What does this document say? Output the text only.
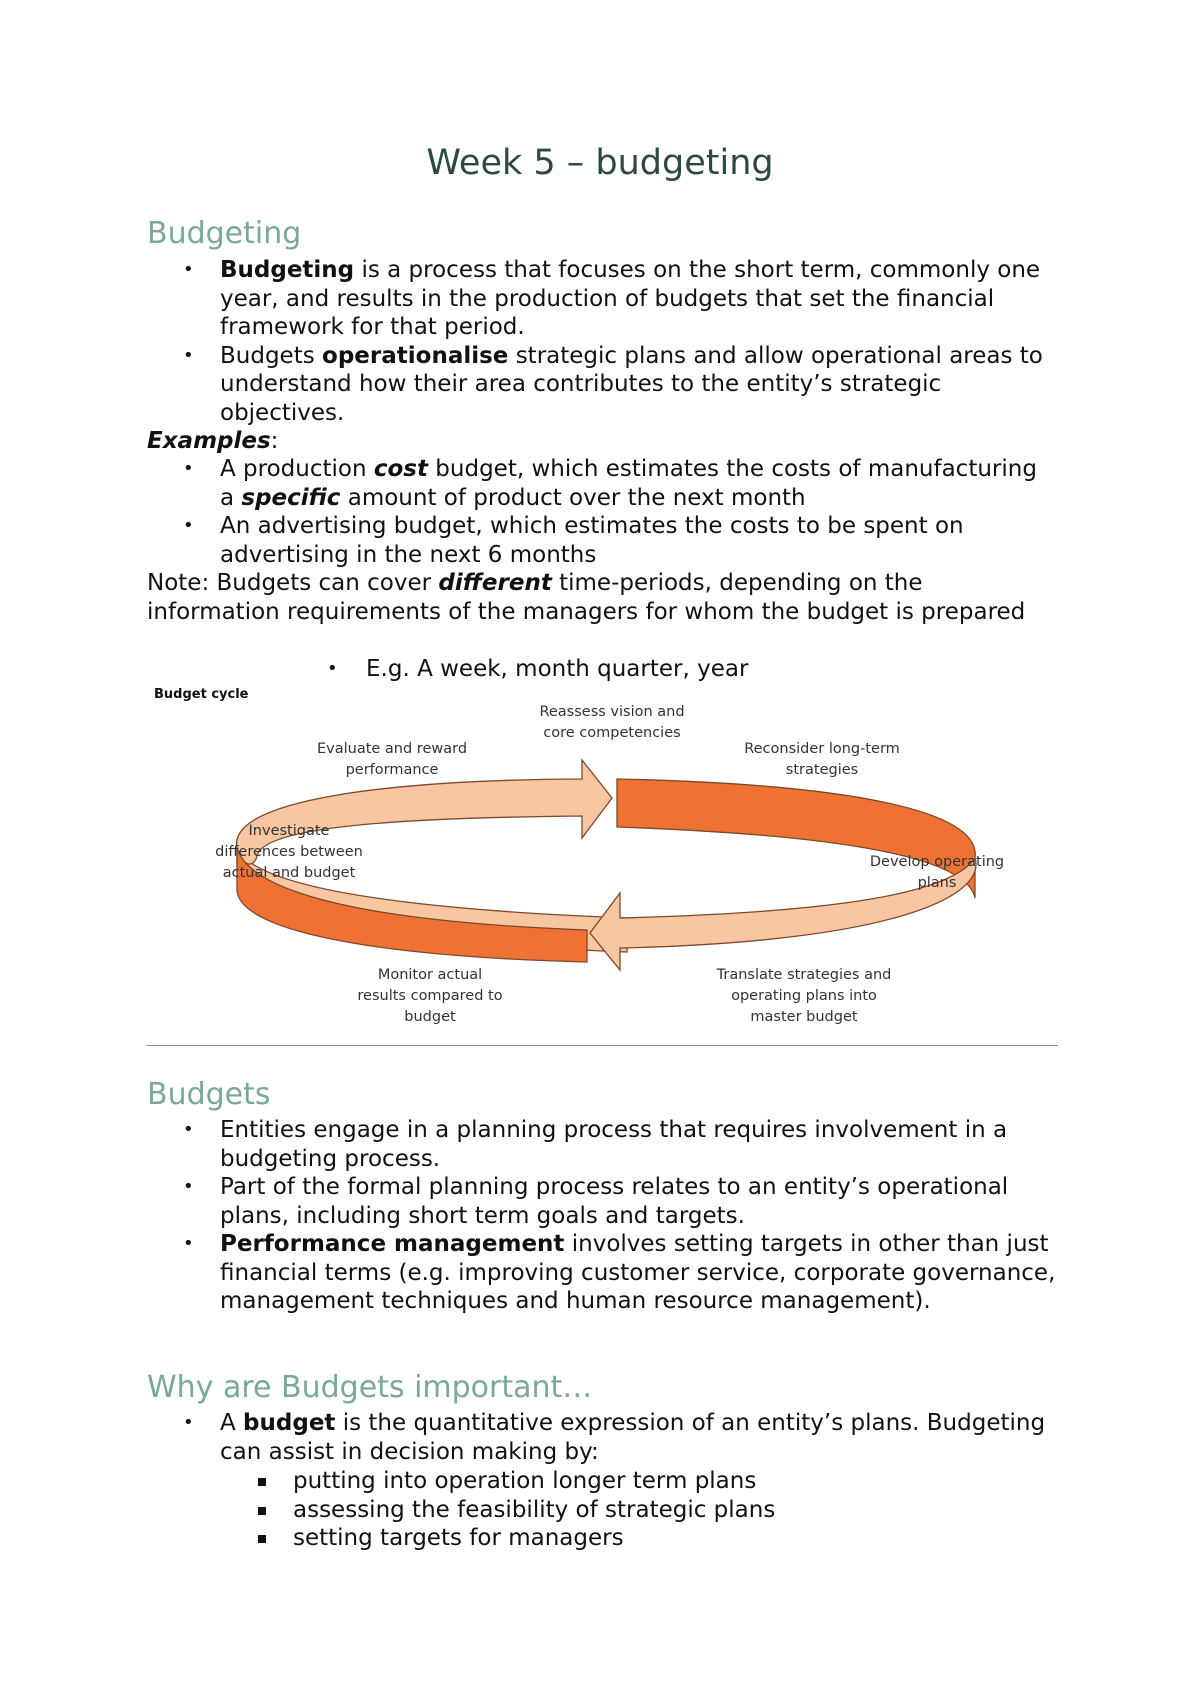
Week 5 – budgeting
Budgeting
• Budgeting is a process that focuses on the short term, commonly one year, and results in the production of budgets that set the financial framework for that period.
• Budgets operationalise strategic plans and allow operational areas to understand how their area contributes to the entity’s strategic objectives.

Examples:

• A production cost budget, which estimates the costs of manufacturing a specific amount of product over the next month
• An advertising budget, which estimates the costs to be spent on advertising in the next 6 months

Note: Budgets can cover different time-periods, depending on the information requirements of the managers for whom the budget is prepared

• E.g. A week, month quarter, year

Budget cycle
Reassess vision and core competencies
Reconsider long-term strategies
Develop operating plans
Translate strategies and operating plans into master budget
Monitor actual results compared to budget
Investigate differences between actual and budget
Evaluate and reward performance
Budgets
• Entities engage in a planning process that requires involvement in a budgeting process.
• Part of the formal planning process relates to an entity’s operational plans, including short term goals and targets.
• Performance management involves setting targets in other than just financial terms (e.g. improving customer service, corporate governance, management techniques and human resource management).
Why are Budgets important…
• A budget is the quantitative expression of an entity’s plans. Budgeting can assist in decision making by:
putting into operation longer term plans
assessing the feasibility of strategic plans
setting targets for managers
